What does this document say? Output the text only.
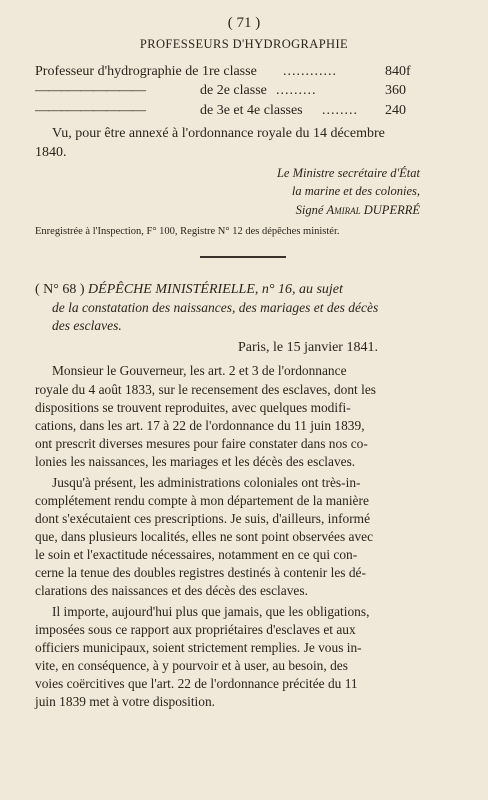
( 71 )
PROFESSEURS D'HYDROGRAPHIE
Professeur d'hydrographie de 1re classe ............	840f
——–——————	de 2e classe .........	360
——–——————	de 3e et 4e classes ........ 240
Vu, pour être annexé à l'ordonnance royale du 14 décembre
1840.
Le Ministre secrétaire d'État
la marine et des colonies,
Signé Amiral DUPERRÉ
Enregistrée à l'Inspection, F° 100, Registre N° 12 des dépêches ministér.
( N° 68 ) DÉPÊCHE MINISTÉRIELLE, n° 16, au sujet
de la constatation des naissances, des mariages et des décès
des esclaves.
Paris, le 15 janvier 1841.
Monsieur le Gouverneur, les art. 2 et 3 de l'ordonnance
royale du 4 août 1833, sur le recensement des esclaves, dont les
dispositions se trouvent reproduites, avec quelques modifi-
cations, dans les art. 17 à 22 de l'ordonnance du 11 juin 1839,
ont prescrit diverses mesures pour faire constater dans nos co-
lonies les naissances, les mariages et les décès des esclaves.
Jusqu'à présent, les administrations coloniales ont très-in-
complétement rendu compte à mon département de la manière
dont s'exécutaient ces prescriptions. Je suis, d'ailleurs, informé
que, dans plusieurs localités, elles ne sont point observées avec
le soin et l'exactitude nécessaires, notamment en ce qui con-
cerne la tenue des doubles registres destinés à contenir les dé-
clarations des naissances et des décès des esclaves.
Il importe, aujourd'hui plus que jamais, que les obligations,
imposées sous ce rapport aux propriétaires d'esclaves et aux
officiers municipaux, soient strictement remplies. Je vous in-
vite, en conséquence, à y pourvoir et à user, au besoin, des
voies coërcitives que l'art. 22 de l'ordonnance précitée du 11
juin 1839 met à votre disposition.
